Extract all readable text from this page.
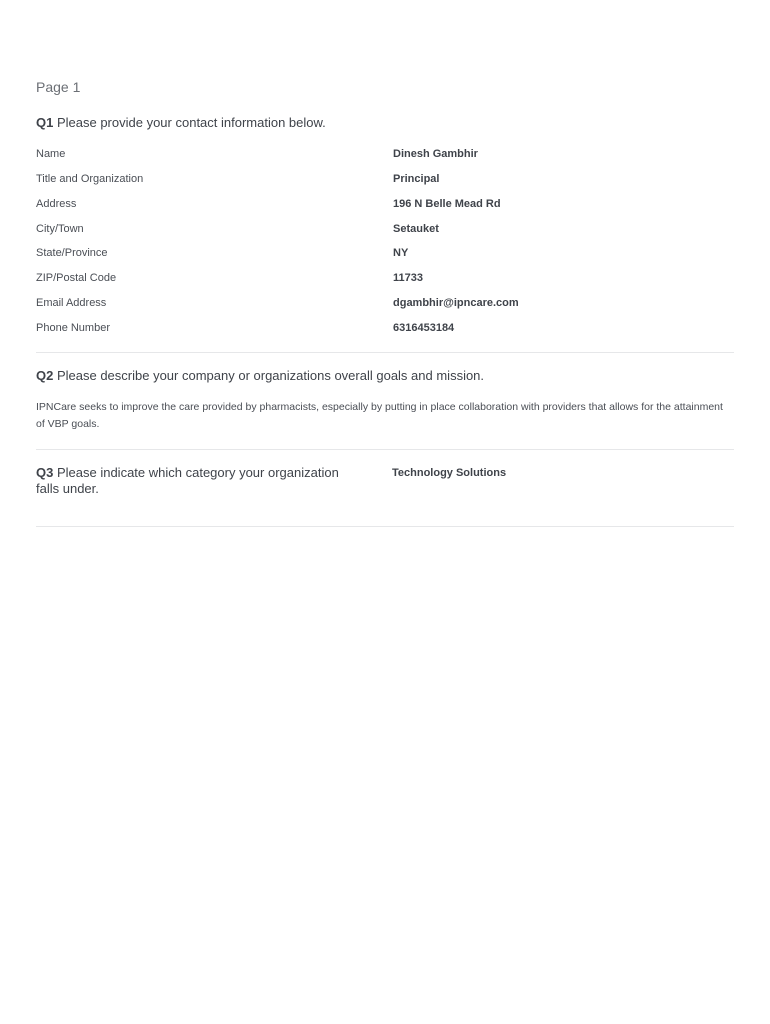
Page 1
Q1 Please provide your contact information below.
Name	Dinesh Gambhir
Title and Organization	Principal
Address	196 N Belle Mead Rd
City/Town	Setauket
State/Province	NY
ZIP/Postal Code	11733
Email Address	dgambhir@ipncare.com
Phone Number	6316453184
Q2 Please describe your company or organizations overall goals and mission.
IPNCare seeks to improve the care provided by pharmacists, especially by putting in place collaboration with providers that allows for the attainment of VBP goals.
Q3 Please indicate which category your organization falls under.
Technology Solutions
